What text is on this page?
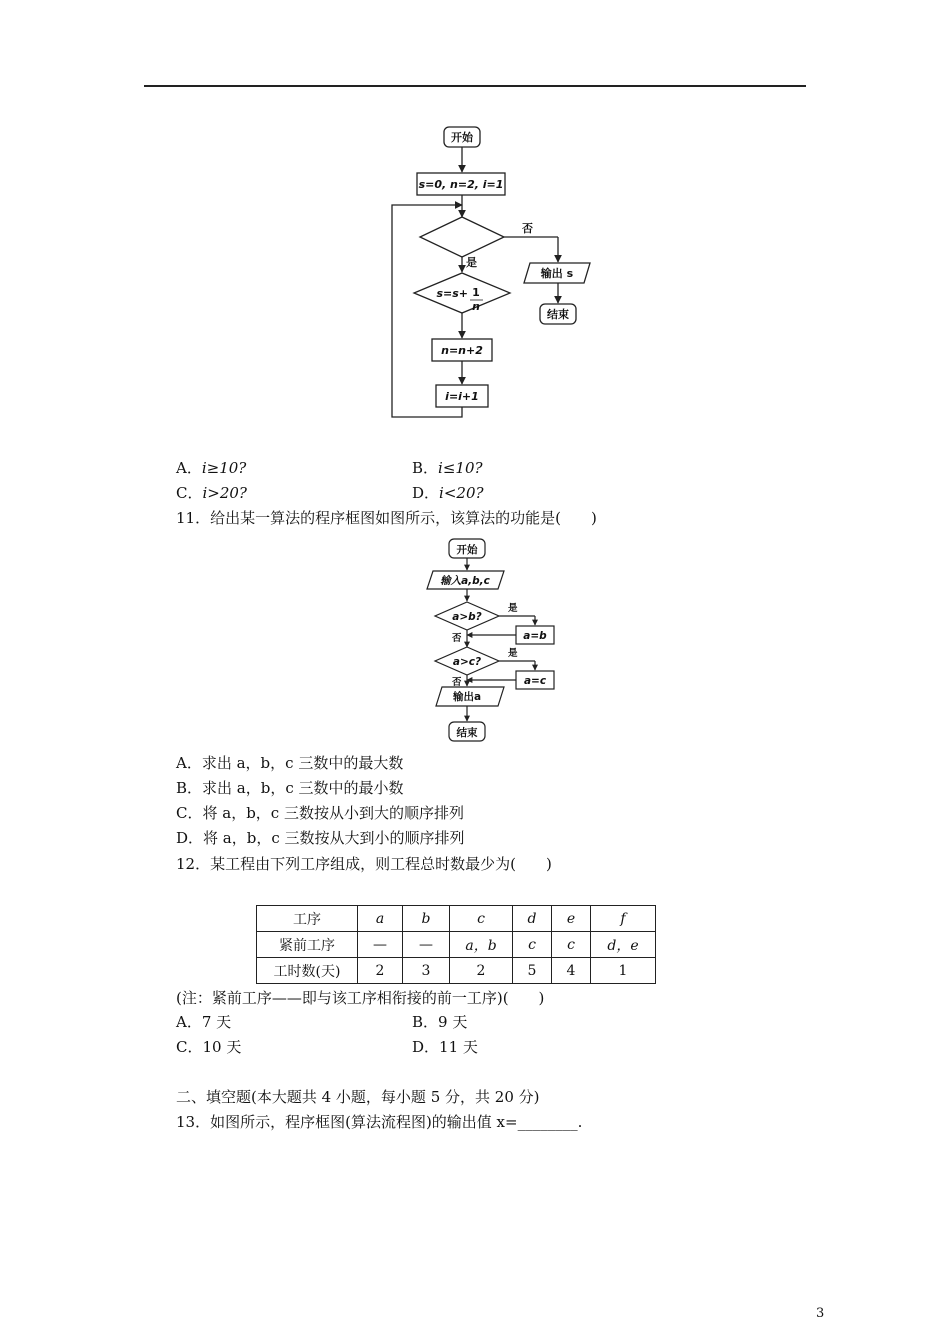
开始
s=0, n=2, i=1
否
是
输出 s
结束
s=s+ 1
n
n=n+2
i=i+1
A．i≥10?	B．i≤10?
C．i>20?	D．i<20?
11．给出某一算法的程序框图如图所示，该算法的功能是(　　)
开始
输入a,b,c
a>b?
是
a=b
否
a>c?
是
a=c
否
输出a
结束
A．求出 a，b，c 三数中的最大数
B．求出 a，b，c 三数中的最小数
C．将 a，b，c 三数按从小到大的顺序排列
D．将 a，b，c 三数按从大到小的顺序排列
12．某工程由下列工序组成，则工程总时数最少为(　　)
工序	a	b	c	d	e	f
紧前工序	—	—	a，b	c	c	d，e
工时数(天)	2	3	2	5	4	1
(注：紧前工序——即与该工序相衔接的前一工序)(　　)
A．7 天	B．9 天
C．10 天	D．11 天
二、填空题(本大题共 4 小题，每小题 5 分，共 20 分)
13．如图所示，程序框图(算法流程图)的输出值 x=________.
3
